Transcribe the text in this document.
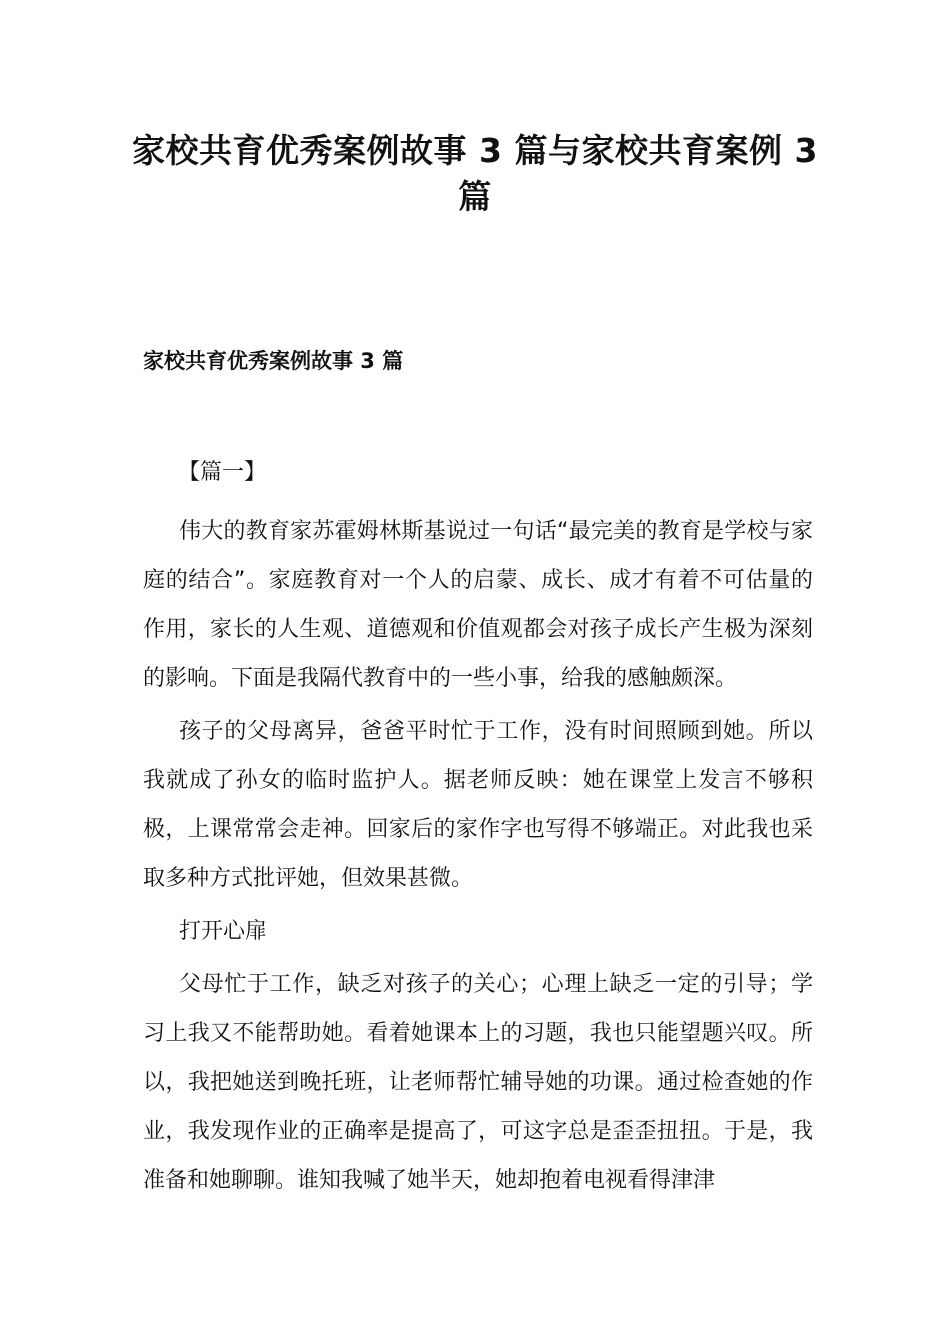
家校共育优秀案例故事 3 篇与家校共育案例 3 篇
家校共育优秀案例故事 3 篇
【篇一】

伟大的教育家苏霍姆林斯基说过一句话“最完美的教育是学校与家庭的结合”。家庭教育对一个人的启蒙、成长、成才有着不可估量的作用，家长的人生观、道德观和价值观都会对孩子成长产生极为深刻的影响。下面是我隔代教育中的一些小事，给我的感触颇深。

孩子的父母离异，爸爸平时忙于工作，没有时间照顾到她。所以我就成了孙女的临时监护人。据老师反映：她在课堂上发言不够积极，上课常常会走神。回家后的家作字也写得不够端正。对此我也采取多种方式批评她，但效果甚微。

打开心扉

父母忙于工作，缺乏对孩子的关心；心理上缺乏一定的引导；学习上我又不能帮助她。看着她课本上的习题，我也只能望题兴叹。所以，我把她送到晚托班，让老师帮忙辅导她的功课。通过检查她的作业，我发现作业的正确率是提高了，可这字总是歪歪扭扭。于是，我准备和她聊聊。谁知我喊了她半天，她却抱着电视看得津津
